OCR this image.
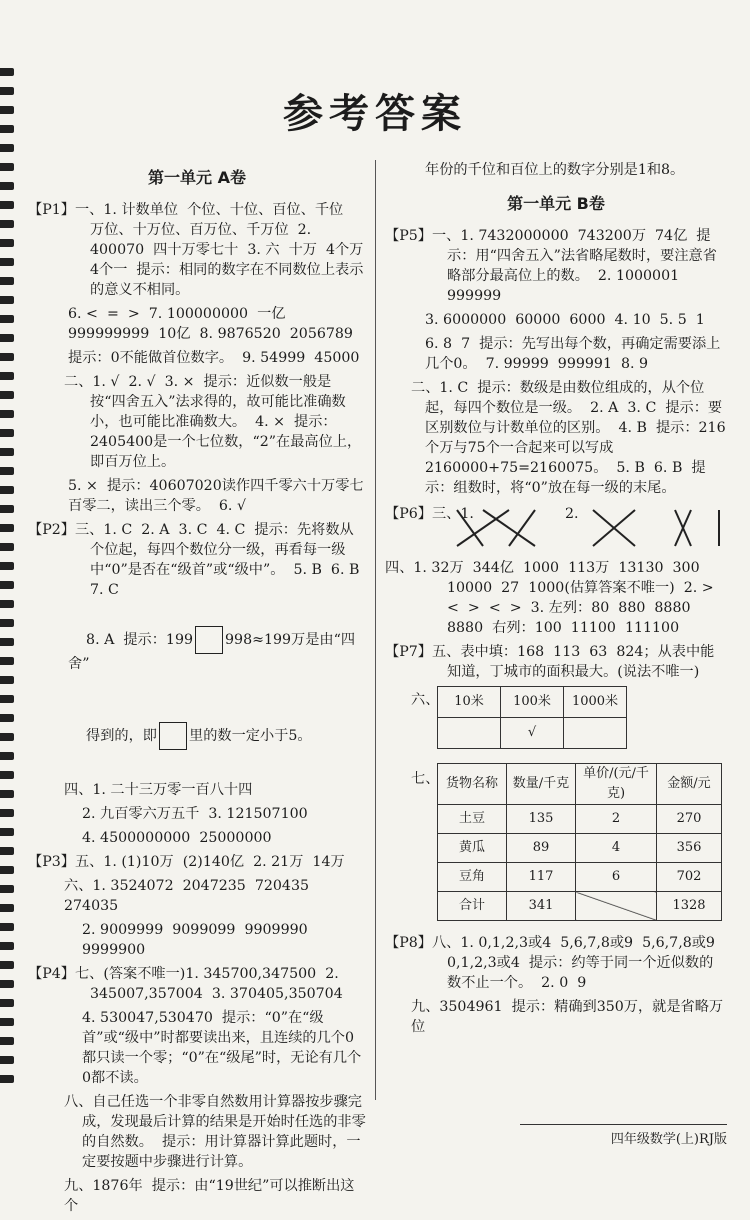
参考答案
第一单元 A卷
【P1】一、1. 计数单位  个位、十位、百位、千位  万位、十万位、百万位、千万位  2. 400070  四十万零七十  3. 六  十万  4个万  4个一  提示：相同的数字在不同数位上表示的意义不相同。
6. <  =  >  7. 100000000  一亿  999999999  10亿  8. 9876520  2056789
提示：0不能做首位数字。  9. 54999  45000
二、1. √  2. √  3. ×  提示：近似数一般是按“四舍五入”法求得的，故可能比准确数小，也可能比准确数大。  4. ×  提示：2405400是一个七位数，“2”在最高位上，即百万位上。
5. ×  提示：40607020读作四千零六十万零七百零二，读出三个零。  6. √
【P2】三、1. C  2. A  3. C  4. C  提示：先将数从个位起，每四个数位分一级，再看每一级中“0”是否在“级首”或“级中”。  5. B  6. B  7. C

8. A  提示：199 998≈199万是由“四舍”

得到的，即 里的数一定小于5。

四、1. 二十三万零一百八十四
2. 九百零六万五千  3. 121507100
4. 4500000000  25000000
【P3】五、1. (1)10万  (2)140亿  2. 21万  14万
六、1. 3524072  2047235  720435  274035
2. 9009999  9099099  9909990  9999900
【P4】七、(答案不唯一)1. 345700,347500  2. 345007,357004  3. 370405,350704
4. 530047,530470  提示：“0”在“级首”或“级中”时都要读出来，且连续的几个0都只读一个零；“0”在“级尾”时，无论有几个0都不读。
八、自己任选一个非零自然数用计算器按步骤完成，发现最后计算的结果是开始时任选的非零的自然数。  提示：用计算器计算此题时，一定要按题中步骤进行计算。
九、1876年  提示：由“19世纪”可以推断出这个
年份的千位和百位上的数字分别是1和8。
第一单元 B卷
【P5】一、1. 7432000000  743200万  74亿  提示：用“四舍五入”法省略尾数时，要注意省略部分最高位上的数。  2. 1000001  999999
3. 6000000  60000  6000  4. 10  5. 5  1
6. 8  7  提示：先写出每个数，再确定需要添上几个0。  7. 99999  999991  8. 9
二、1. C  提示：数级是由数位组成的，从个位起，每四个数位是一级。  2. A  3. C  提示：要区别数位与计数单位的区别。  4. B  提示：216个万与75个一合起来可以写成2160000+75=2160075。  5. B  6. B  提示：组数时，将“0”放在每一级的末尾。
【P6】三、1.	2.
四、1. 32万  344亿  1000  113万  13130  300  10000  27  1000(估算答案不唯一)  2. >  <  >  <  >  3. 左列：80  880  8880  8880  右列：100  11100  111100
【P7】五、表中填：168  113  63  824；从表中能知道，丁城市的面积最大。(说法不唯一)
六、 10米	100米	1000米
	√	
七、 货物名称	数量/千克	单价/(元/千克)	金额/元
土豆	135	2	270
黄瓜	89	4	356
豆角	117	6	702
合计	341		1328
【P8】八、1. 0,1,2,3或4  5,6,7,8或9  5,6,7,8或9  0,1,2,3或4  提示：约等于同一个近似数的数不止一个。  2. 0  9
九、3504961  提示：精确到350万，就是省略万位
四年级数学(上)RJ版
